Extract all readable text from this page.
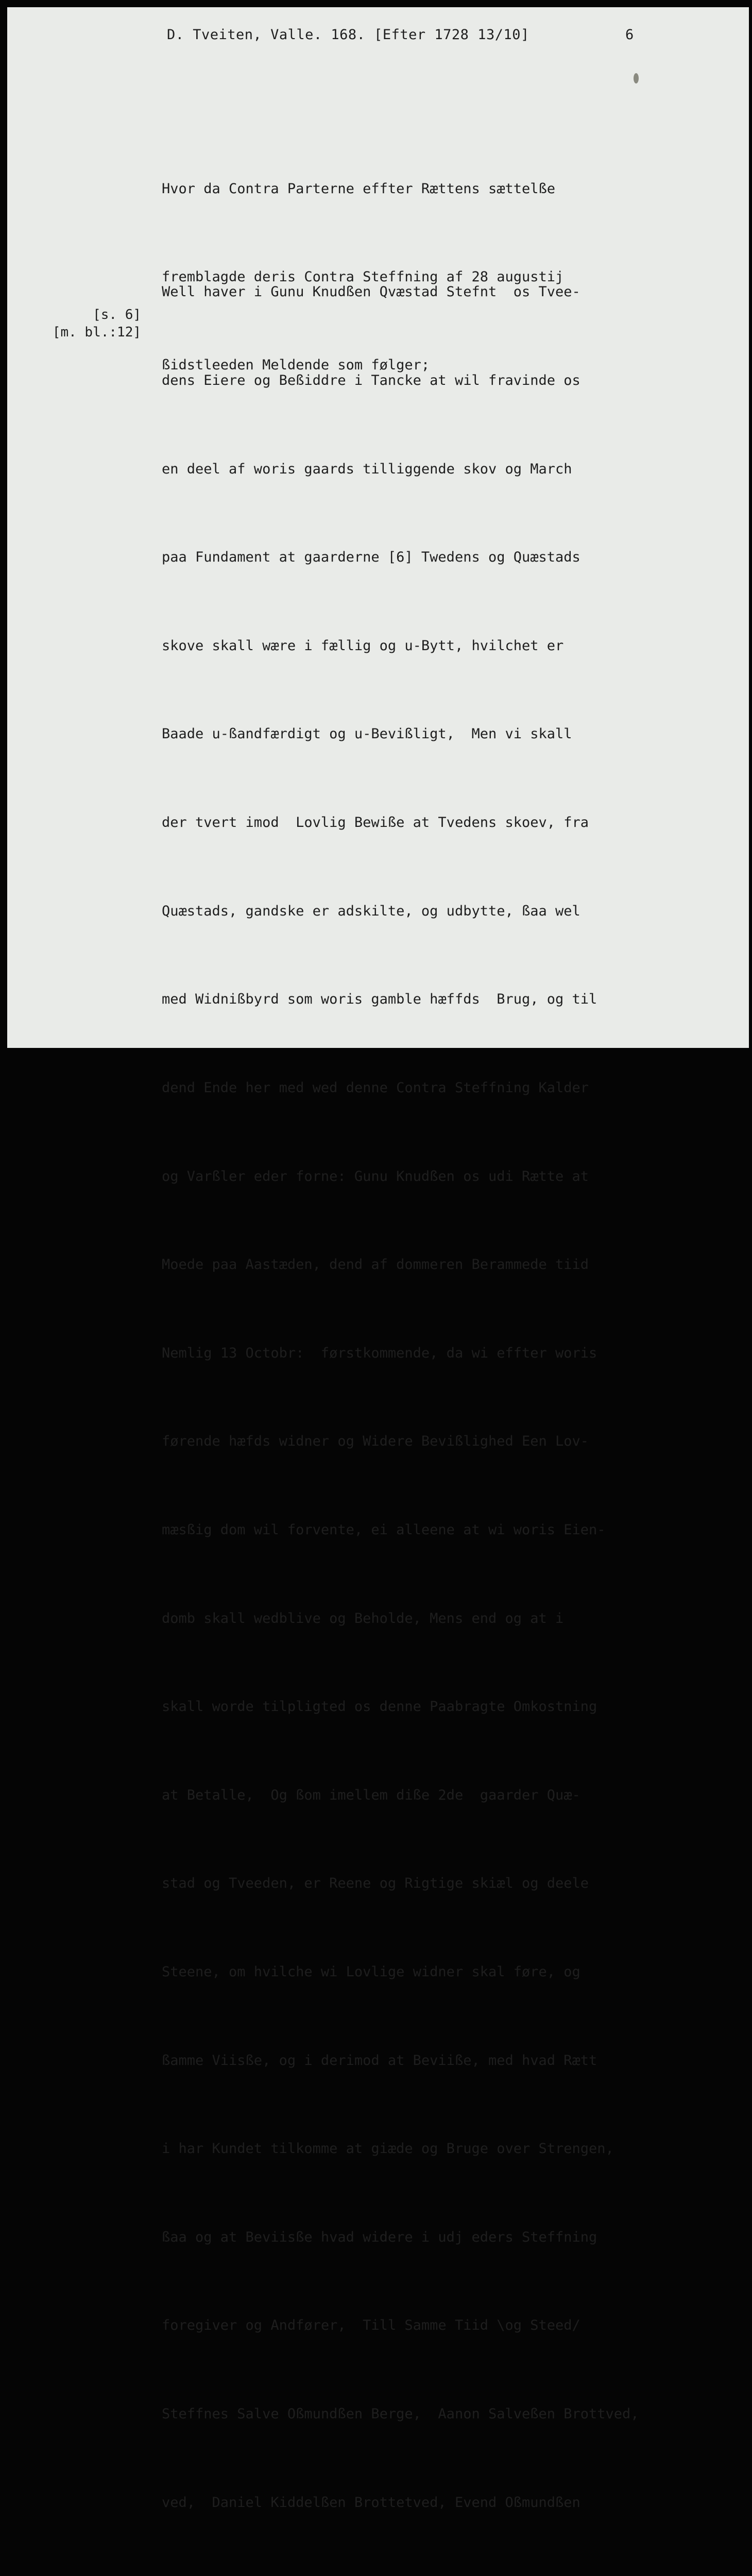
D. Tveiten, Valle. 168. [Efter 1728 13/10]	6
[s. 6]
[m. bl.:12]

Hvor da Contra Parterne effter Rættens sættelße

fremblagde deris Contra Steffning af 28 augustij

ßidstleeden Meldende som følger;

Well haver i Gunu Knudßen Qvæstad Stefnt  os Tvee-

dens Eiere og Beßiddre i Tancke at wil fravinde os

en deel af woris gaards tilliggende skov og March

paa Fundament at gaarderne [6] Twedens og Quæstads

skove skall wære i fællig og u-Bytt, hvilchet er

Baade u-ßandfærdigt og u-Bevißligt,  Men vi skall

der tvert imod  Lovlig Bewiße at Tvedens skoev, fra

Quæstads, gandske er adskilte, og udbytte, ßaa wel

med Widnißbyrd som woris gamble hæffds  Brug, og til

dend Ende her med wed denne Contra Steffning Kalder

og Varßler eder forne: Gunu Knudßen os udi Rætte at

Moede paa Aastæden, dend af dommeren Berammede tiid

Nemlig 13 Octobr:  førstkommende, da wi effter woris

førende hæfds widner og Widere Bevißlighed Een Lov-

mæsßig dom wil forvente, ei alleene at wi woris Eien-

domb skall wedblive og Beholde, Mens end og at i

skall worde tilpligted os denne Paabragte Omkostning

at Betalle,  Og ßom imellem dißе 2de  gaarder Quæ-

stad og Tveeden, er Reene og Rigtige skiæl og deele

Steene, om hvilche wi Lovlige widner skal føre, og

ßamme Viisße, og i derimod at Beviiße, med hvad Rætt

i har Kundet tilkomme at giæde og Bruge over Strengen,

ßaa og at Beviisße hvad widere i udj eders Steffning

foregiver og Andfører,  Till Samme Tiid \og Steed/

Steffnes Salve Oßmundßen Berge,  Aanon Salveßen Brottved,

ved,  Daniel Kiddelßen Brottetved, Evend Oßmundßen
